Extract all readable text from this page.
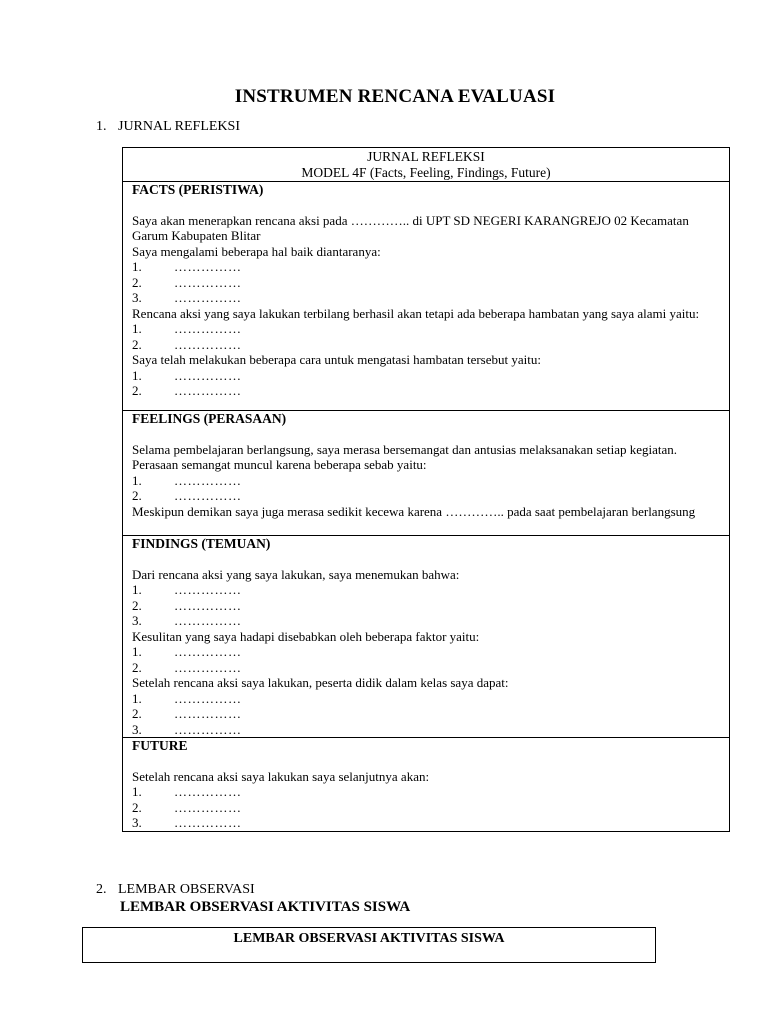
INSTRUMEN RENCANA EVALUASI
1. JURNAL REFLEKSI
JURNAL REFLEKSI
MODEL 4F (Facts, Feeling, Findings, Future)

FACTS (PERISTIWA)
Saya akan menerapkan rencana aksi pada ………….. di UPT SD NEGERI KARANGREJO 02 Kecamatan Garum Kabupaten Blitar
Saya mengalami beberapa hal baik diantaranya:
1.	……………
2.	……………
3.	……………
Rencana aksi yang saya lakukan terbilang berhasil akan tetapi ada beberapa hambatan yang saya alami yaitu:
1.	……………
2.	……………
Saya telah melakukan beberapa cara untuk mengatasi hambatan tersebut yaitu:
1.	……………
2.	……………

FEELINGS (PERASAAN)
Selama pembelajaran berlangsung, saya merasa bersemangat dan antusias melaksanakan setiap kegiatan. Perasaan semangat muncul karena beberapa sebab yaitu:
1.	……………
2.	……………
Meskipun demikan saya juga merasa sedikit kecewa karena ………….. pada saat pembelajaran berlangsung

FINDINGS (TEMUAN)
Dari rencana aksi yang saya lakukan, saya menemukan bahwa:
1.	……………
2.	……………
3.	……………
Kesulitan yang saya hadapi disebabkan oleh beberapa faktor yaitu:
1.	……………
2.	……………
Setelah rencana aksi saya lakukan, peserta didik dalam kelas saya dapat:
1.	……………
2.	……………
3.	……………

FUTURE
Setelah rencana aksi saya lakukan saya selanjutnya akan:
1.	……………
2.	……………
3.	……………
2. LEMBAR OBSERVASI
LEMBAR OBSERVASI AKTIVITAS SISWA
LEMBAR OBSERVASI AKTIVITAS SISWA
